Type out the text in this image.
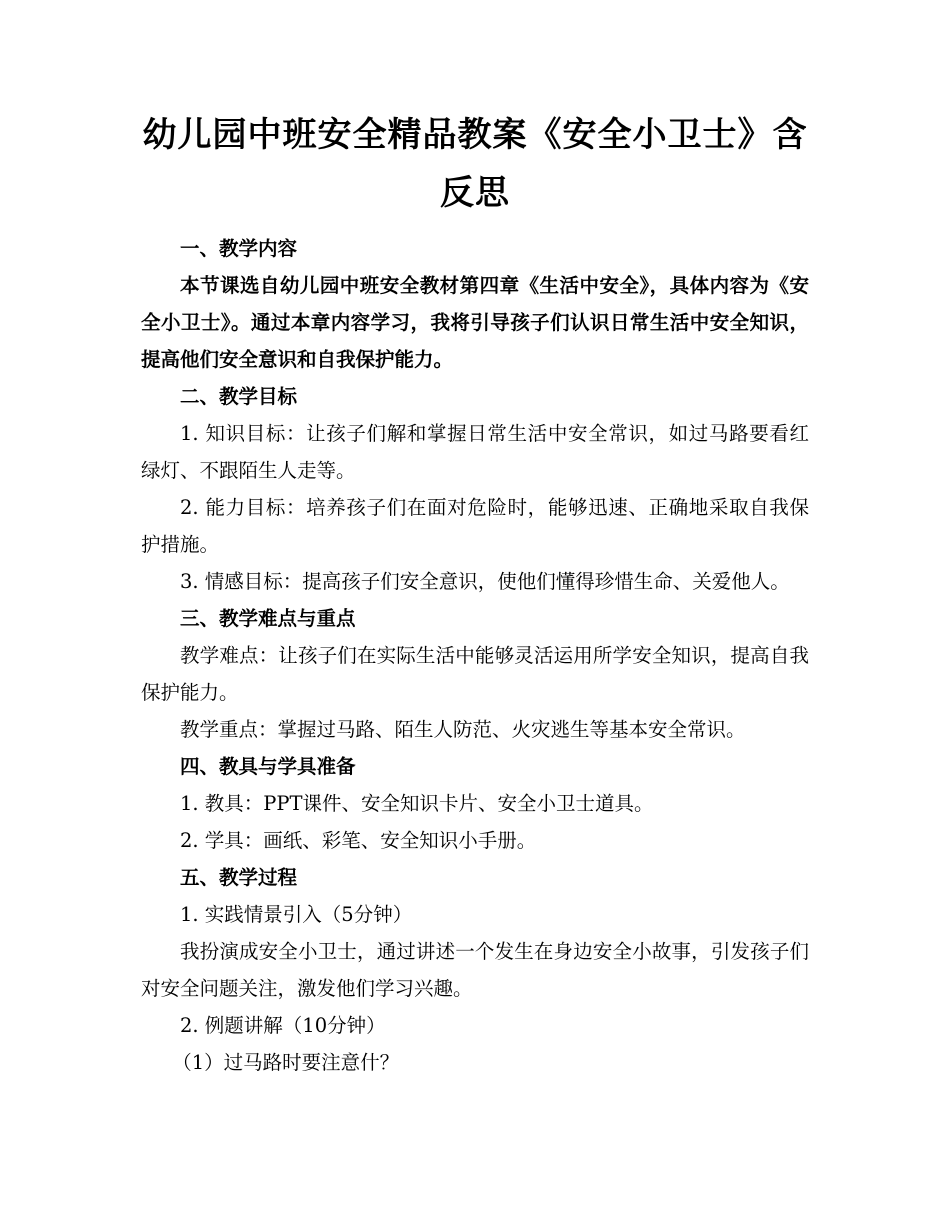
幼儿园中班安全精品教案《安全小卫士》含反思

一、教学内容

本节课选自幼儿园中班安全教材第四章《生活中安全》，具体内容为《安全小卫士》。通过本章内容学习，我将引导孩子们认识日常生活中安全知识，提高他们安全意识和自我保护能力。

二、教学目标

1. 知识目标：让孩子们解和掌握日常生活中安全常识，如过马路要看红绿灯、不跟陌生人走等。

2. 能力目标：培养孩子们在面对危险时，能够迅速、正确地采取自我保护措施。

3. 情感目标：提高孩子们安全意识，使他们懂得珍惜生命、关爱他人。

三、教学难点与重点

教学难点：让孩子们在实际生活中能够灵活运用所学安全知识，提高自我保护能力。

教学重点：掌握过马路、陌生人防范、火灾逃生等基本安全常识。

四、教具与学具准备

1. 教具：PPT课件、安全知识卡片、安全小卫士道具。

2. 学具：画纸、彩笔、安全知识小手册。

五、教学过程

1. 实践情景引入（5分钟）

我扮演成安全小卫士，通过讲述一个发生在身边安全小故事，引发孩子们对安全问题关注，激发他们学习兴趣。

2. 例题讲解（10分钟）

（1）过马路时要注意什？
